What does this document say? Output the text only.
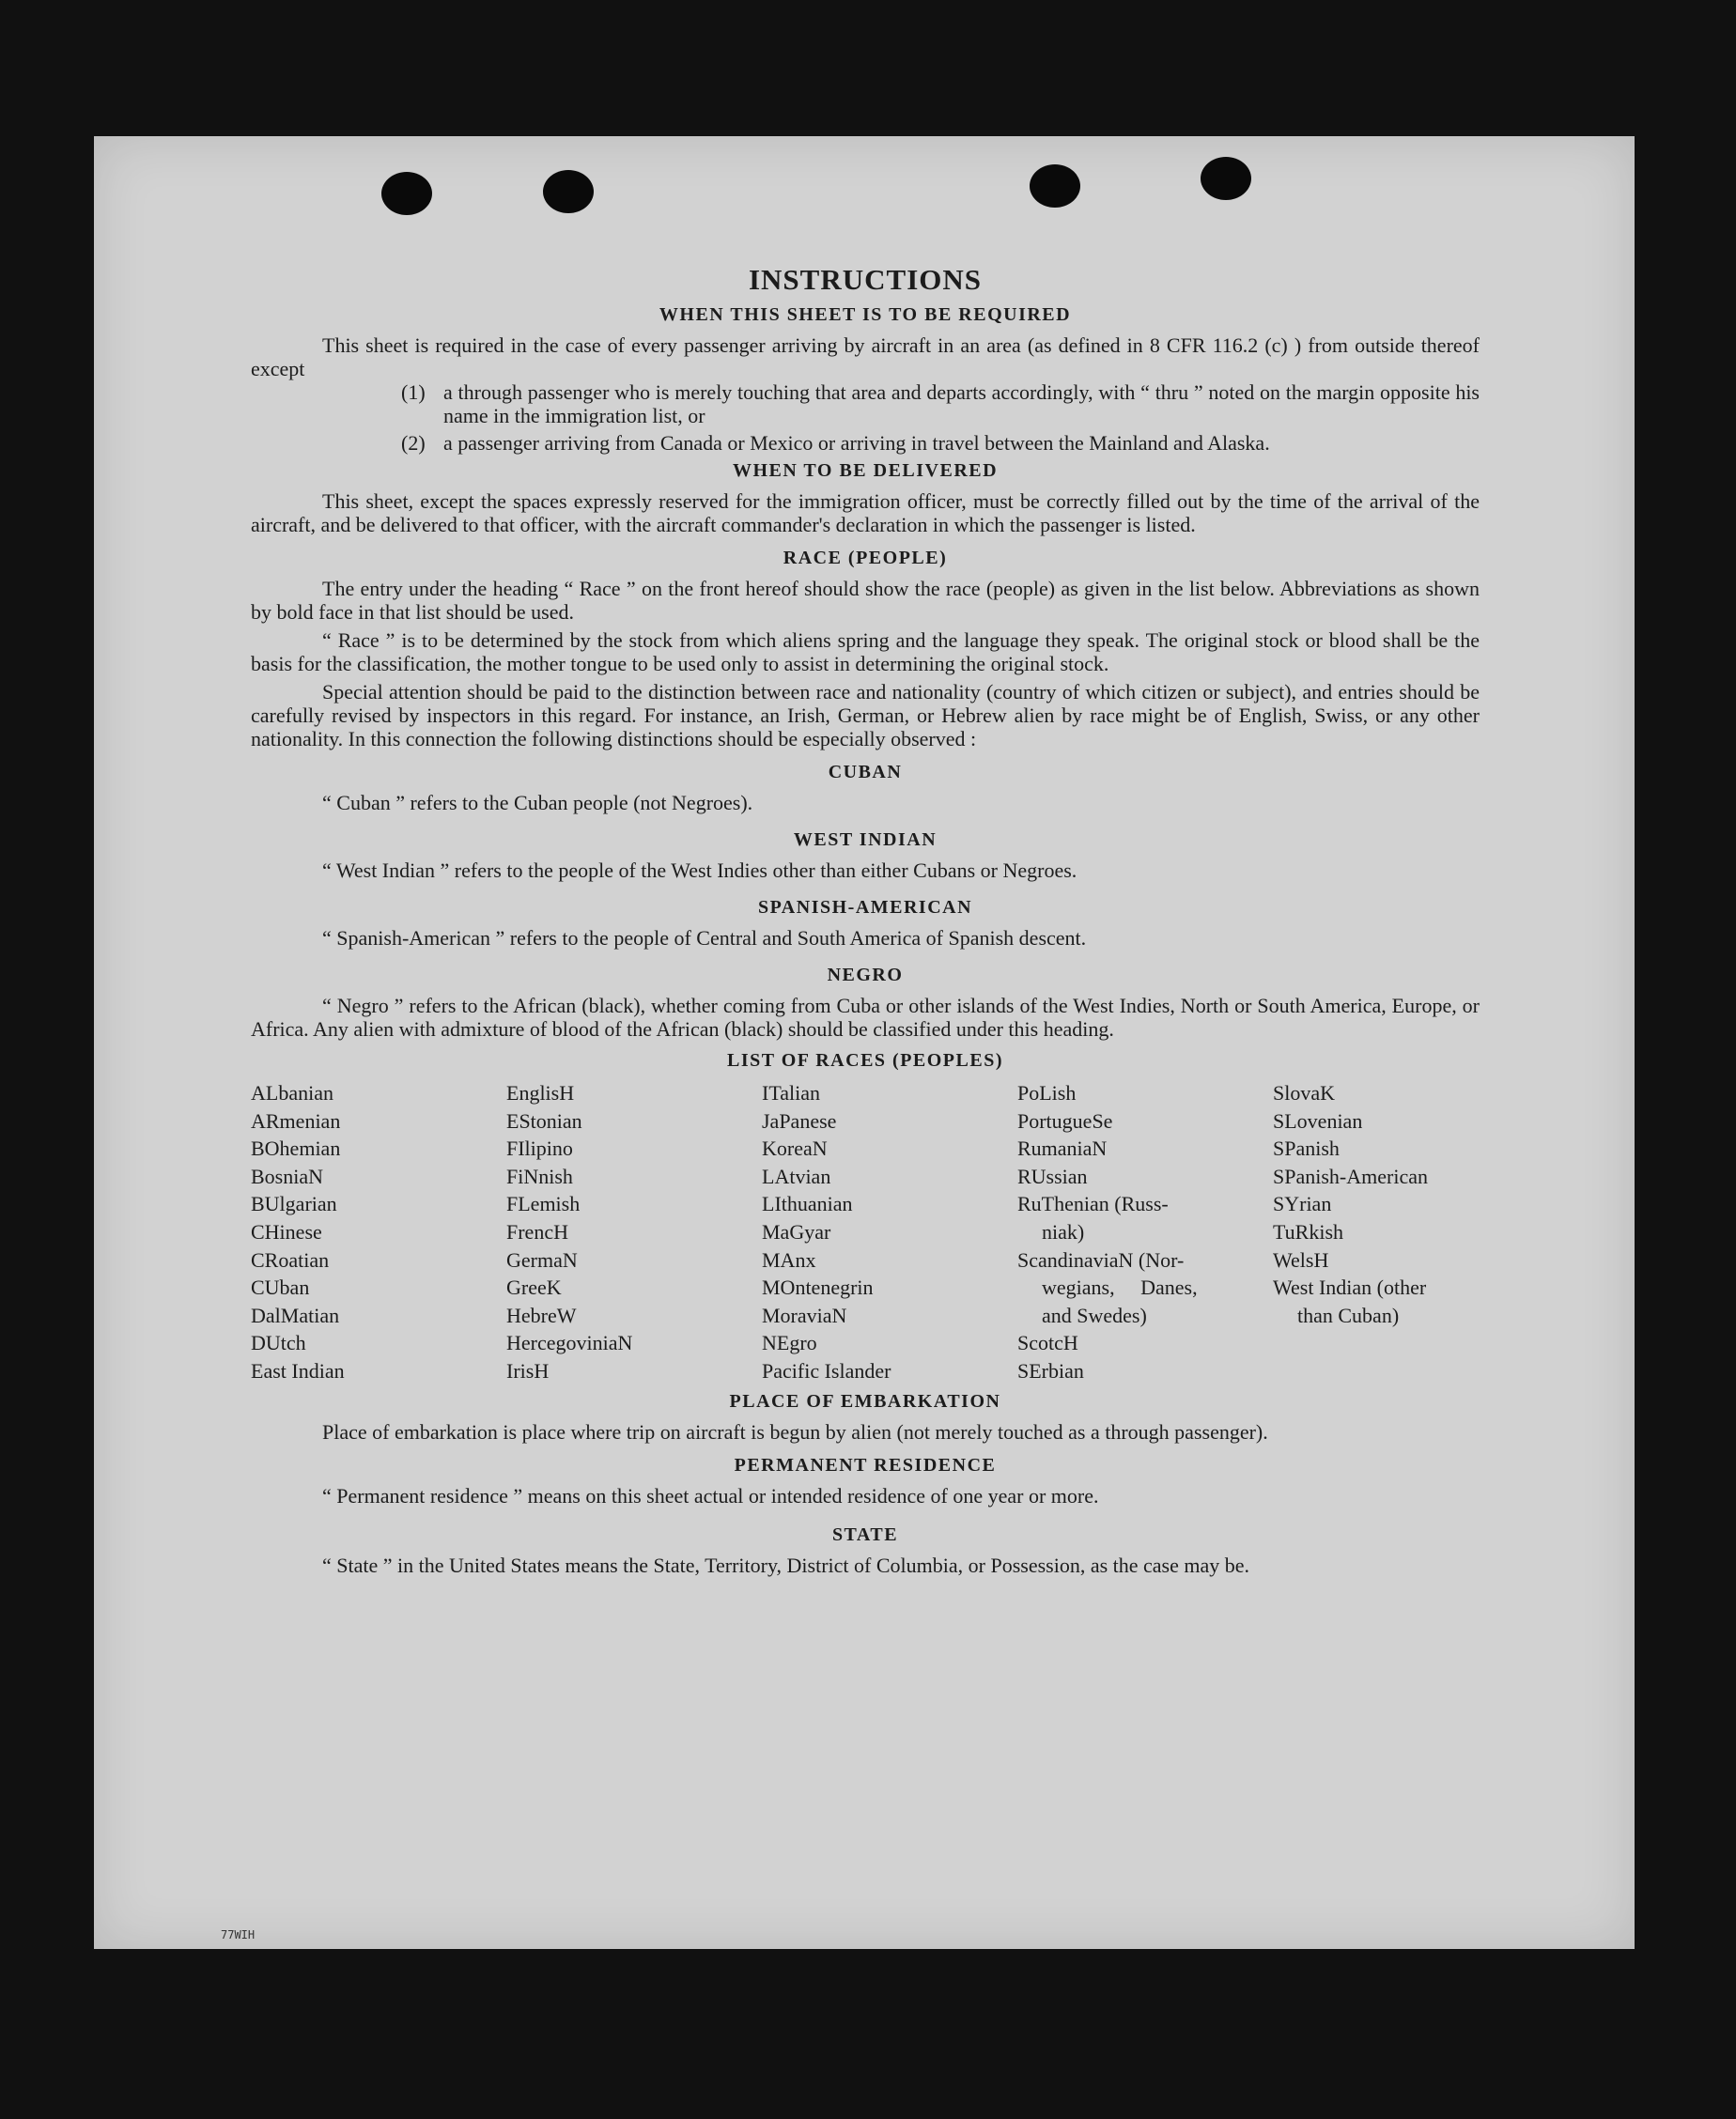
INSTRUCTIONS
WHEN THIS SHEET IS TO BE REQUIRED

This sheet is required in the case of every passenger arriving by aircraft in an area (as defined in 8 CFR 116.2 (c) ) from outside thereof except

(1) a through passenger who is merely touching that area and departs accordingly, with “ thru ” noted on the margin opposite his name in the immigration list, or
(2) a passenger arriving from Canada or Mexico or arriving in travel between the Mainland and Alaska.
WHEN TO BE DELIVERED

This sheet, except the spaces expressly reserved for the immigration officer, must be correctly filled out by the time of the arrival of the aircraft, and be delivered to that officer, with the aircraft commander's declaration in which the passenger is listed.

RACE (PEOPLE)

The entry under the heading “ Race ” on the front hereof should show the race (people) as given in the list below. Abbreviations as shown by bold face in that list should be used.

“ Race ” is to be determined by the stock from which aliens spring and the language they speak. The original stock or blood shall be the basis for the classification, the mother tongue to be used only to assist in determining the original stock.

Special attention should be paid to the distinction between race and nationality (country of which citizen or subject), and entries should be carefully revised by inspectors in this regard. For instance, an Irish, German, or Hebrew alien by race might be of English, Swiss, or any other nationality. In this connection the following distinctions should be especially observed :

CUBAN

“ Cuban ” refers to the Cuban people (not Negroes).

WEST INDIAN

“ West Indian ” refers to the people of the West Indies other than either Cubans or Negroes.

SPANISH-AMERICAN

“ Spanish-American ” refers to the people of Central and South America of Spanish descent.

NEGRO

“ Negro ” refers to the African (black), whether coming from Cuba or other islands of the West Indies, North or South America, Europe, or Africa. Any alien with admixture of blood of the African (black) should be classified under this heading.

LIST OF RACES (PEOPLES)
ALbanian
ARmenian
BOhemian
BosniaN
BUlgarian
CHinese
CRoatian
CUban
DalMatian
DUtch
East Indian
EnglisH
EStonian
FIlipino
FiNnish
FLemish
FrencH
GermaN
GreeK
HebreW
HercegoviniaN
IrisH
ITalian
JaPanese
KoreaN
LAtvian
LIthuanian
MaGyar
MAnx
MOntenegrin
MoraviaN
NEgro
Pacific Islander
PoLish
PortugueSe
RumaniaN
RUssian
RuThenian (Russ-
niak)
ScandinaviaN (Nor-
wegians,     Danes,
and Swedes)
ScotcH
SErbian
SlovaK
SLovenian
SPanish
SPanish-American
SYrian
TuRkish
WelsH
West Indian (other
than Cuban)
PLACE OF EMBARKATION

Place of embarkation is place where trip on aircraft is begun by alien (not merely touched as a through passenger).

PERMANENT RESIDENCE

“ Permanent residence ” means on this sheet actual or intended residence of one year or more.

STATE

“ State ” in the United States means the State, Territory, District of Columbia, or Possession, as the case may be.

77WIH
